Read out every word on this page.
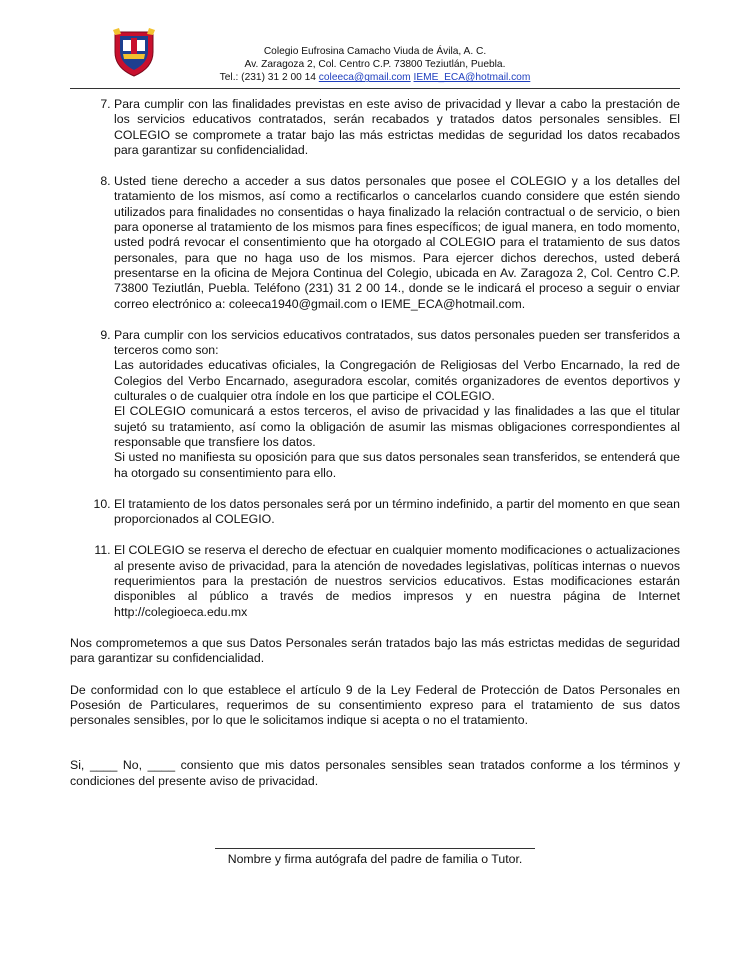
Colegio Eufrosina Camacho Viuda de Ávila, A. C.
Av. Zaragoza 2, Col. Centro C.P. 73800 Teziutlán, Puebla.
Tel.: (231) 31 2 00 14 coleeca@gmail.com IEME_ECA@hotmail.com

7. Para cumplir con las finalidades previstas en este aviso de privacidad y llevar a cabo la prestación de los servicios educativos contratados, serán recabados y tratados datos personales sensibles. El COLEGIO se compromete a tratar bajo las más estrictas medidas de seguridad los datos recabados para garantizar su confidencialidad.

8. Usted tiene derecho a acceder a sus datos personales que posee el COLEGIO y a los detalles del tratamiento de los mismos, así como a rectificarlos o cancelarlos cuando considere que estén siendo utilizados para finalidades no consentidas o haya finalizado la relación contractual o de servicio, o bien para oponerse al tratamiento de los mismos para fines específicos; de igual manera, en todo momento, usted podrá revocar el consentimiento que ha otorgado al COLEGIO para el tratamiento de sus datos personales, para que no haga uso de los mismos. Para ejercer dichos derechos, usted deberá presentarse en la oficina de Mejora Continua del Colegio, ubicada en Av. Zaragoza 2, Col. Centro C.P. 73800 Teziutlán, Puebla. Teléfono (231) 31 2 00 14., donde se le indicará el proceso a seguir o enviar correo electrónico a: coleeca1940@gmail.com o IEME_ECA@hotmail.com.

9. Para cumplir con los servicios educativos contratados, sus datos personales pueden ser transferidos a terceros como son:

Las autoridades educativas oficiales, la Congregación de Religiosas del Verbo Encarnado, la red de Colegios del Verbo Encarnado, aseguradora escolar, comités organizadores de eventos deportivos y culturales o de cualquier otra índole en los que participe el COLEGIO.

El COLEGIO comunicará a estos terceros, el aviso de privacidad y las finalidades a las que el titular sujetó su tratamiento, así como la obligación de asumir las mismas obligaciones correspondientes al responsable que transfiere los datos.

Si usted no manifiesta su oposición para que sus datos personales sean transferidos, se entenderá que ha otorgado su consentimiento para ello.

10. El tratamiento de los datos personales será por un término indefinido, a partir del momento en que sean proporcionados al COLEGIO.

11. El COLEGIO se reserva el derecho de efectuar en cualquier momento modificaciones o actualizaciones al presente aviso de privacidad, para la atención de novedades legislativas, políticas internas o nuevos requerimientos para la prestación de nuestros servicios educativos. Estas modificaciones estarán disponibles al público a través de medios impresos y en nuestra página de Internet http://colegioeca.edu.mx

Nos comprometemos a que sus Datos Personales serán tratados bajo las más estrictas medidas de seguridad para garantizar su confidencialidad.

De conformidad con lo que establece el artículo 9 de la Ley Federal de Protección de Datos Personales en Posesión de Particulares, requerimos de su consentimiento expreso para el tratamiento de sus datos personales sensibles, por lo que le solicitamos indique si acepta o no el tratamiento.

Si, ____ No, ____ consiento que mis datos personales sensibles sean tratados conforme a los términos y condiciones del presente aviso de privacidad.

Nombre y firma autógrafa del padre de familia o Tutor.
